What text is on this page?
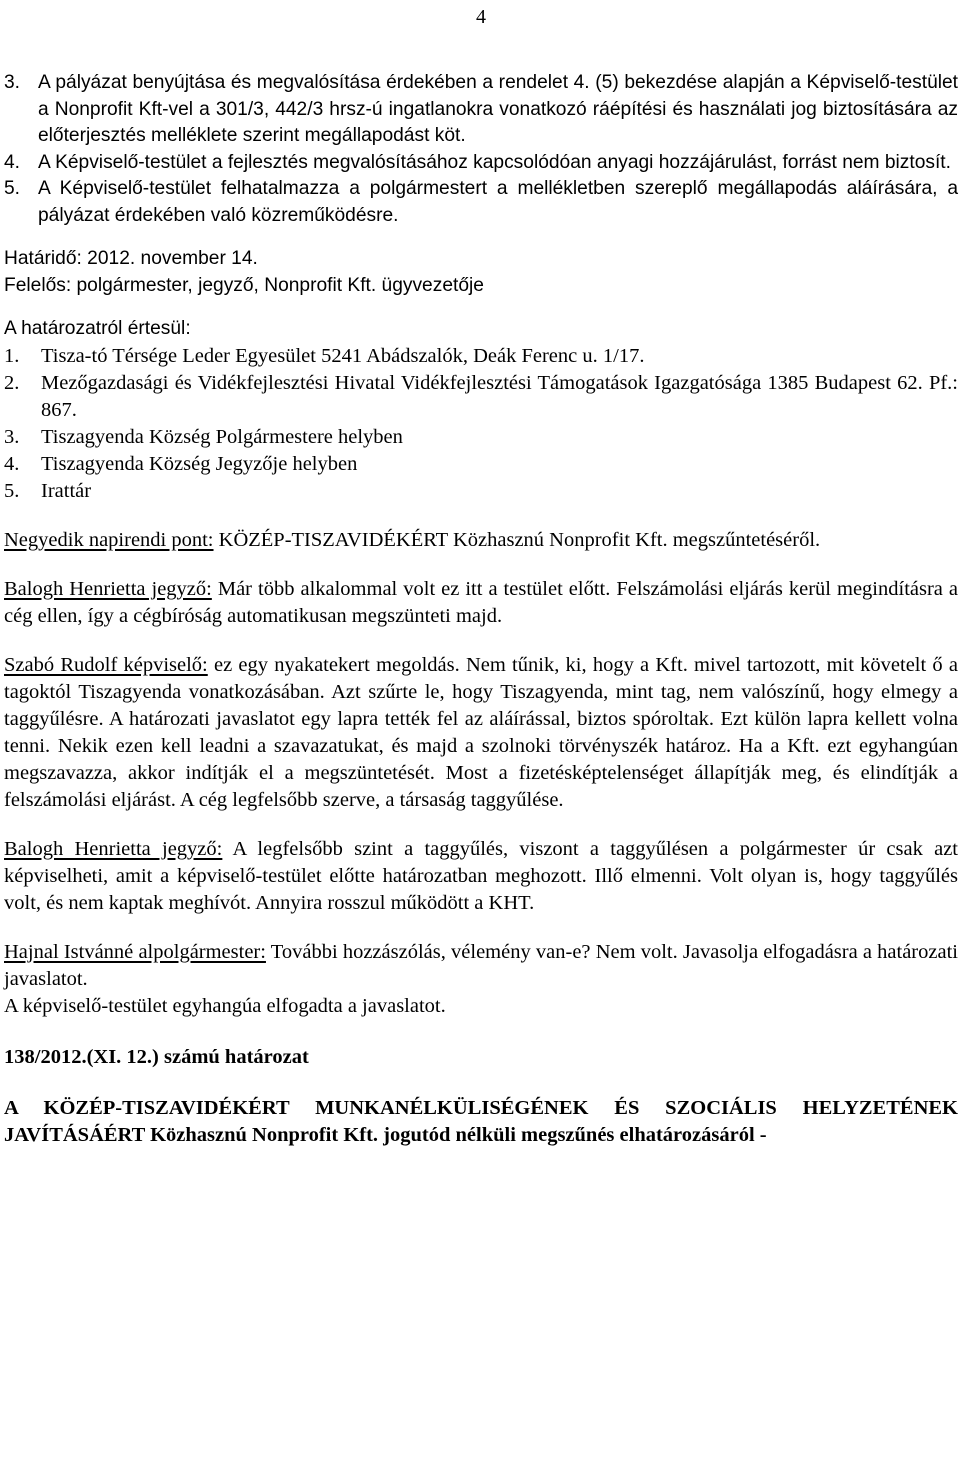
4
3. A pályázat benyújtása és megvalósítása érdekében a rendelet 4. (5) bekezdése alapján a Képviselő-testület a Nonprofit Kft-vel a 301/3, 442/3 hrsz-ú ingatlanokra vonatkozó ráépítési és használati jog biztosítására az előterjesztés melléklete szerint megállapodást köt.
4. A Képviselő-testület a fejlesztés megvalósításához kapcsolódóan anyagi hozzájárulást, forrást nem biztosít.
5. A Képviselő-testület felhatalmazza a polgármestert a mellékletben szereplő megállapodás aláírására, a pályázat érdekében való közreműködésre.

Határidő: 2012. november 14.

Felelős: polgármester, jegyző, Nonprofit Kft. ügyvezetője

A határozatról értesül:

1. Tisza-tó Térsége Leder Egyesület 5241 Abádszalók, Deák Ferenc u. 1/17.
2. Mezőgazdasági és Vidékfejlesztési Hivatal Vidékfejlesztési Támogatások Igazgatósága 1385 Budapest 62. Pf.: 867.
3. Tiszagyenda Község Polgármestere helyben
4. Tiszagyenda Község Jegyzője helyben
5. Irattár

Negyedik napirendi pont: KÖZÉP-TISZAVIDÉKÉRT Közhasznú Nonprofit Kft. megszűntetéséről.

Balogh Henrietta jegyző: Már több alkalommal volt ez itt a testület előtt. Felszámolási eljárás kerül megindításra a cég ellen, így a cégbíróság automatikusan megszünteti majd.

Szabó Rudolf képviselő: ez egy nyakatekert megoldás. Nem tűnik, ki, hogy a Kft. mivel tartozott, mit követelt ő a tagoktól Tiszagyenda vonatkozásában. Azt szűrte le, hogy Tiszagyenda, mint tag, nem valószínű, hogy elmegy a taggyűlésre. A határozati javaslatot egy lapra tették fel az aláírással, biztos spóroltak. Ezt külön lapra kellett volna tenni. Nekik ezen kell leadni a szavazatukat, és majd a szolnoki törvényszék határoz. Ha a Kft. ezt egyhangúan megszavazza, akkor indítják el a megszüntetését. Most a fizetésképtelenséget állapítják meg, és elindítják a felszámolási eljárást. A cég legfelsőbb szerve, a társaság taggyűlése.

Balogh Henrietta jegyző: A legfelsőbb szint a taggyűlés, viszont a taggyűlésen a polgármester úr csak azt képviselheti, amit a képviselő-testület előtte határozatban meghozott. Illő elmenni. Volt olyan is, hogy taggyűlés volt, és nem kaptak meghívót. Annyira rosszul működött a KHT.

Hajnal Istvánné alpolgármester: További hozzászólás, vélemény van-e? Nem volt. Javasolja elfogadásra a határozati javaslatot.

A képviselő-testület egyhangúa elfogadta a javaslatot.

138/2012.(XI. 12.) számú határozat

A KÖZÉP-TISZAVIDÉKÉRT MUNKANÉLKÜLISÉGÉNEK ÉS SZOCIÁLIS HELYZETÉNEK JAVÍTÁSÁÉRT Közhasznú Nonprofit Kft. jogutód nélküli megszűnés elhatározásáról -
